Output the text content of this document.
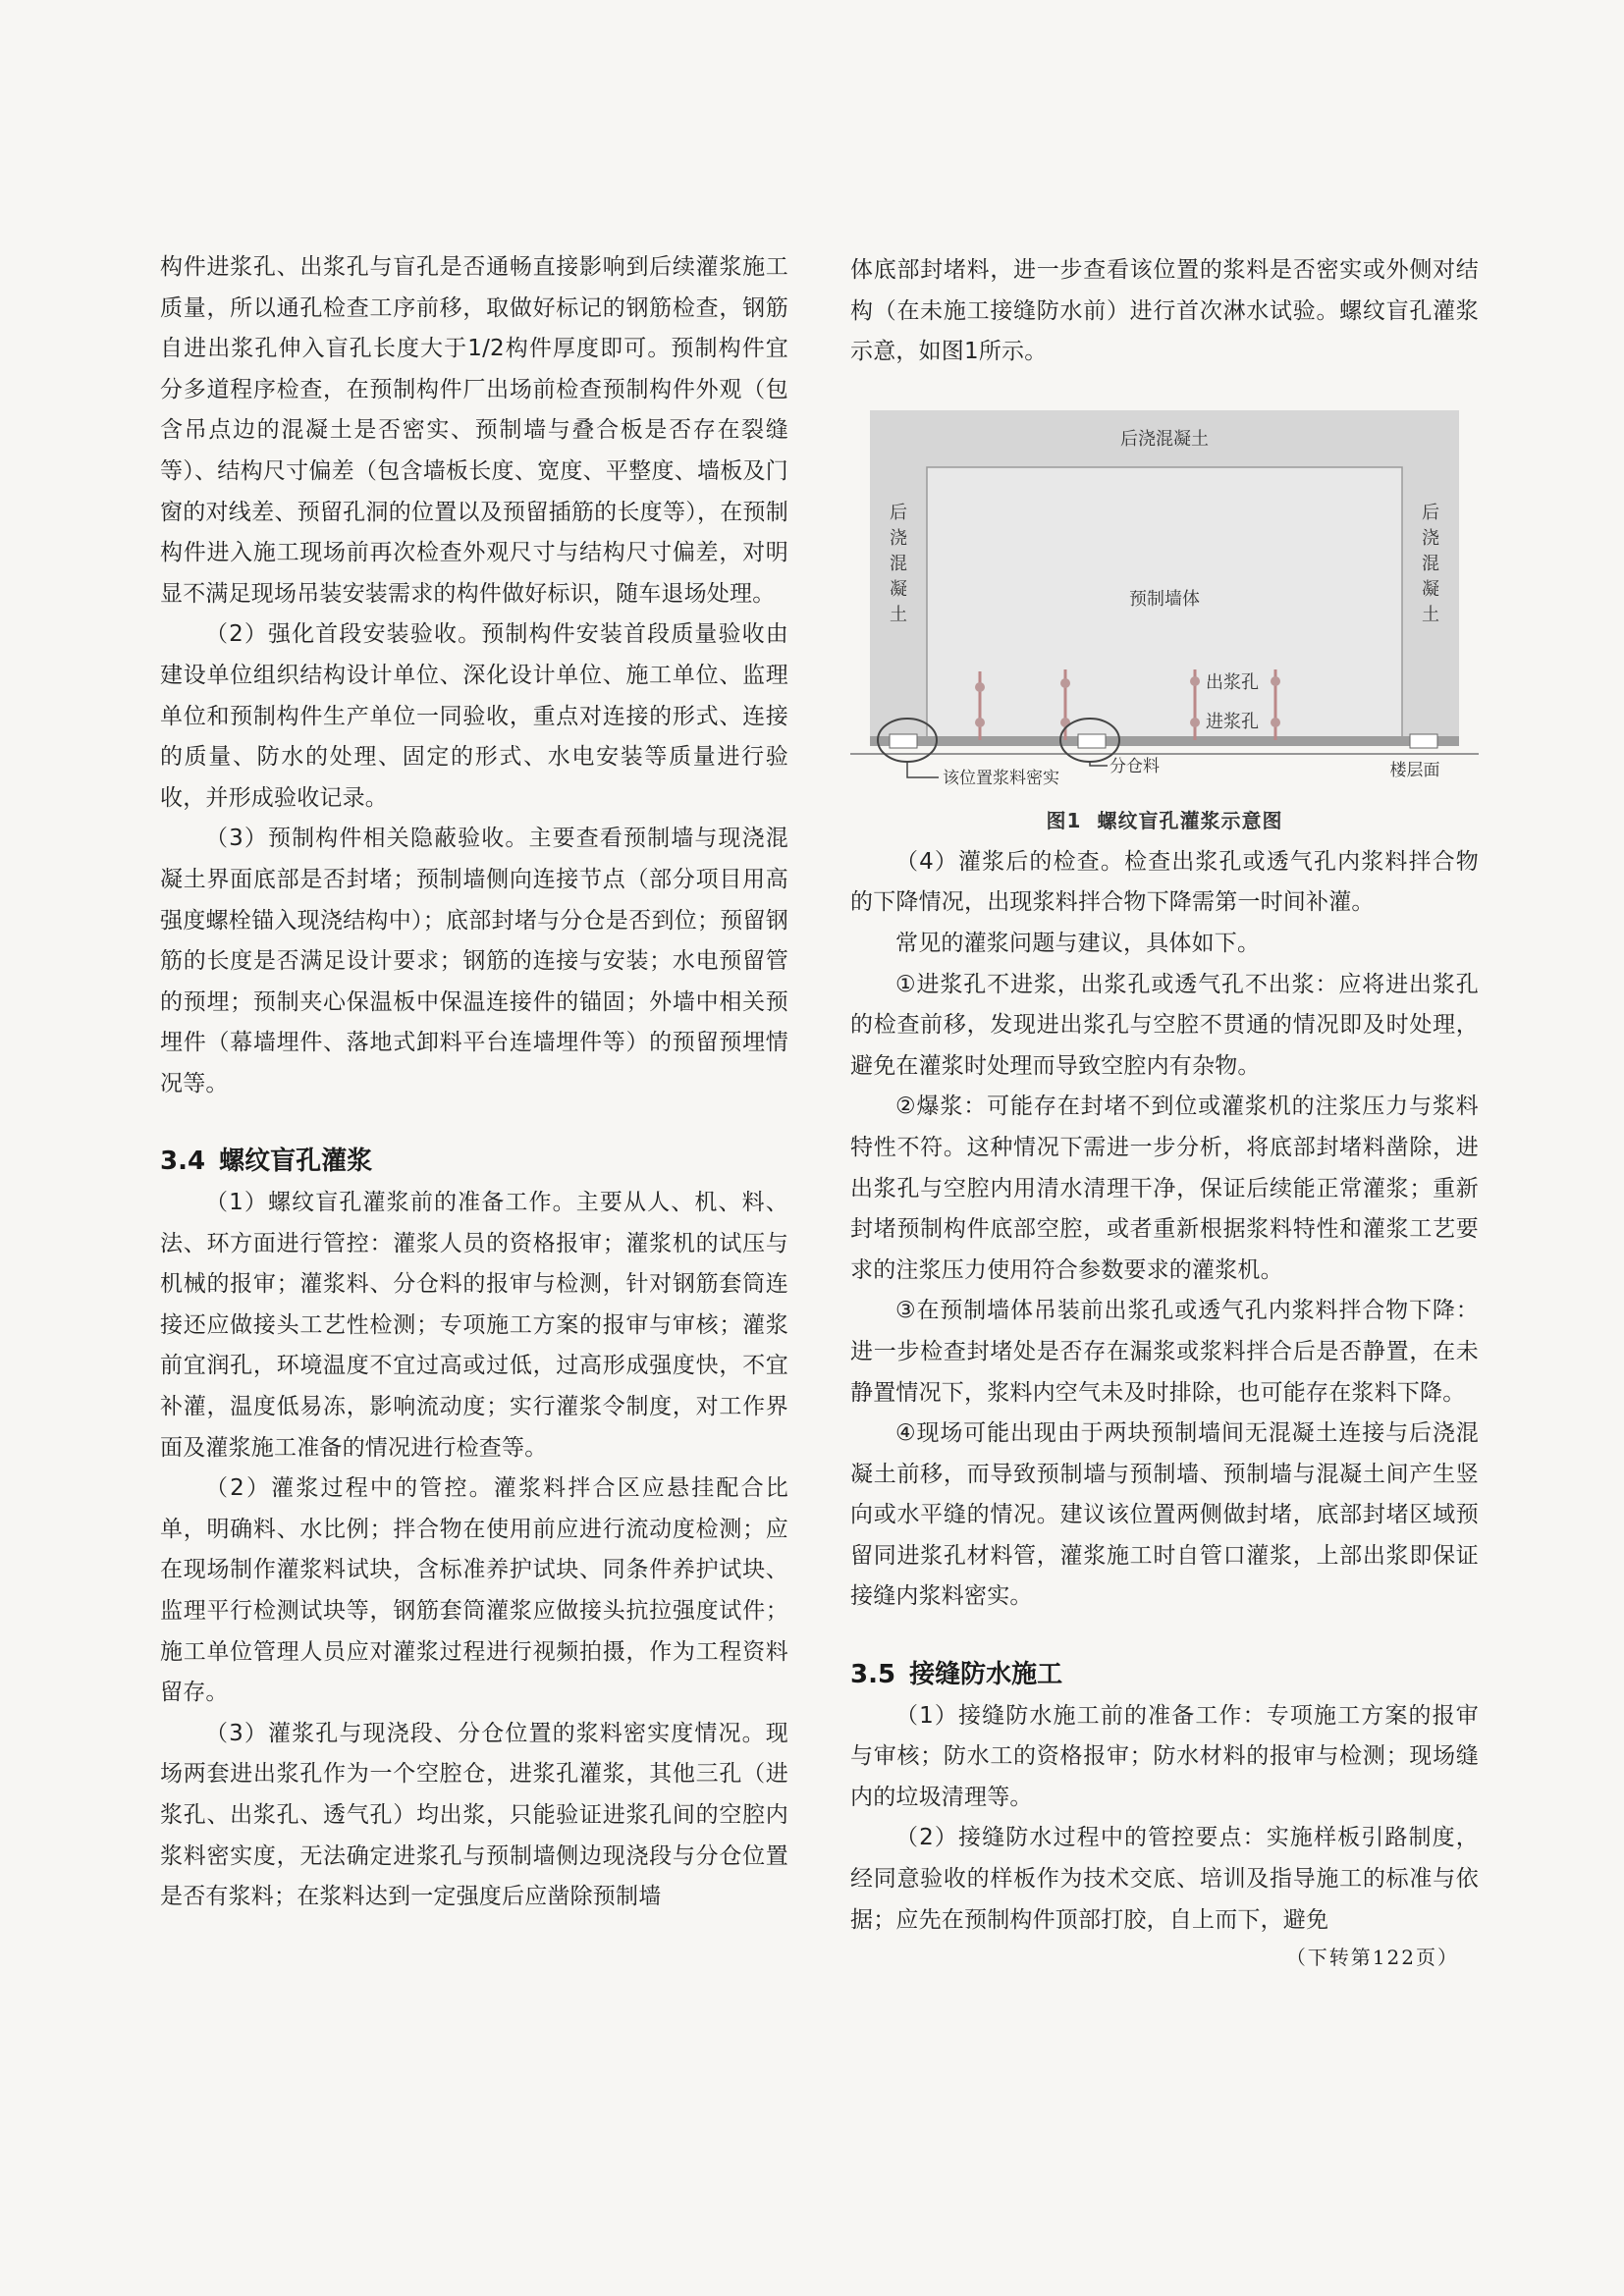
构件进浆孔、出浆孔与盲孔是否通畅直接影响到后续灌浆施工质量，所以通孔检查工序前移，取做好标记的钢筋检查，钢筋自进出浆孔伸入盲孔长度大于1/2构件厚度即可。预制构件宜分多道程序检查，在预制构件厂出场前检查预制构件外观（包含吊点边的混凝土是否密实、预制墙与叠合板是否存在裂缝等）、结构尺寸偏差（包含墙板长度、宽度、平整度、墙板及门窗的对线差、预留孔洞的位置以及预留插筋的长度等），在预制构件进入施工现场前再次检查外观尺寸与结构尺寸偏差，对明显不满足现场吊装安装需求的构件做好标识，随车退场处理。

（2）强化首段安装验收。预制构件安装首段质量验收由建设单位组织结构设计单位、深化设计单位、施工单位、监理单位和预制构件生产单位一同验收，重点对连接的形式、连接的质量、防水的处理、固定的形式、水电安装等质量进行验收，并形成验收记录。

（3）预制构件相关隐蔽验收。主要查看预制墙与现浇混凝土界面底部是否封堵；预制墙侧向连接节点（部分项目用高强度螺栓锚入现浇结构中）；底部封堵与分仓是否到位；预留钢筋的长度是否满足设计要求；钢筋的连接与安装；水电预留管的预埋；预制夹心保温板中保温连接件的锚固；外墙中相关预埋件（幕墙埋件、落地式卸料平台连墙埋件等）的预留预埋情况等。

3.4 螺纹盲孔灌浆

（1）螺纹盲孔灌浆前的准备工作。主要从人、机、料、法、环方面进行管控：灌浆人员的资格报审；灌浆机的试压与机械的报审；灌浆料、分仓料的报审与检测，针对钢筋套筒连接还应做接头工艺性检测；专项施工方案的报审与审核；灌浆前宜润孔，环境温度不宜过高或过低，过高形成强度快，不宜补灌，温度低易冻，影响流动度；实行灌浆令制度，对工作界面及灌浆施工准备的情况进行检查等。

（2）灌浆过程中的管控。灌浆料拌合区应悬挂配合比单，明确料、水比例；拌合物在使用前应进行流动度检测；应在现场制作灌浆料试块，含标准养护试块、同条件养护试块、监理平行检测试块等，钢筋套筒灌浆应做接头抗拉强度试件；施工单位管理人员应对灌浆过程进行视频拍摄，作为工程资料留存。

（3）灌浆孔与现浇段、分仓位置的浆料密实度情况。现场两套进出浆孔作为一个空腔仓，进浆孔灌浆，其他三孔（进浆孔、出浆孔、透气孔）均出浆，只能验证进浆孔间的空腔内浆料密实度，无法确定进浆孔与预制墙侧边现浇段与分仓位置是否有浆料；在浆料达到一定强度后应凿除预制墙

体底部封堵料，进一步查看该位置的浆料是否密实或外侧对结构（在未施工接缝防水前）进行首次淋水试验。螺纹盲孔灌浆示意，如图1所示。

后浇混凝土
预制墙体
后
浇
混
凝
土
后
浇
混
凝
土
出浆孔
进浆孔
该位置浆料密实
分仓料	楼层面
图1 螺纹盲孔灌浆示意图

（4）灌浆后的检查。检查出浆孔或透气孔内浆料拌合物的下降情况，出现浆料拌合物下降需第一时间补灌。

常见的灌浆问题与建议，具体如下。

①进浆孔不进浆，出浆孔或透气孔不出浆：应将进出浆孔的检查前移，发现进出浆孔与空腔不贯通的情况即及时处理，避免在灌浆时处理而导致空腔内有杂物。

②爆浆：可能存在封堵不到位或灌浆机的注浆压力与浆料特性不符。这种情况下需进一步分析，将底部封堵料凿除，进出浆孔与空腔内用清水清理干净，保证后续能正常灌浆；重新封堵预制构件底部空腔，或者重新根据浆料特性和灌浆工艺要求的注浆压力使用符合参数要求的灌浆机。

③在预制墙体吊装前出浆孔或透气孔内浆料拌合物下降：进一步检查封堵处是否存在漏浆或浆料拌合后是否静置，在未静置情况下，浆料内空气未及时排除，也可能存在浆料下降。

④现场可能出现由于两块预制墙间无混凝土连接与后浇混凝土前移，而导致预制墙与预制墙、预制墙与混凝土间产生竖向或水平缝的情况。建议该位置两侧做封堵，底部封堵区域预留同进浆孔材料管，灌浆施工时自管口灌浆，上部出浆即保证接缝内浆料密实。

3.5 接缝防水施工

（1）接缝防水施工前的准备工作：专项施工方案的报审与审核；防水工的资格报审；防水材料的报审与检测；现场缝内的垃圾清理等。

（2）接缝防水过程中的管控要点：实施样板引路制度，经同意验收的样板作为技术交底、培训及指导施工的标准与依据；应先在预制构件顶部打胶，自上而下，避免

（下转第122页）
